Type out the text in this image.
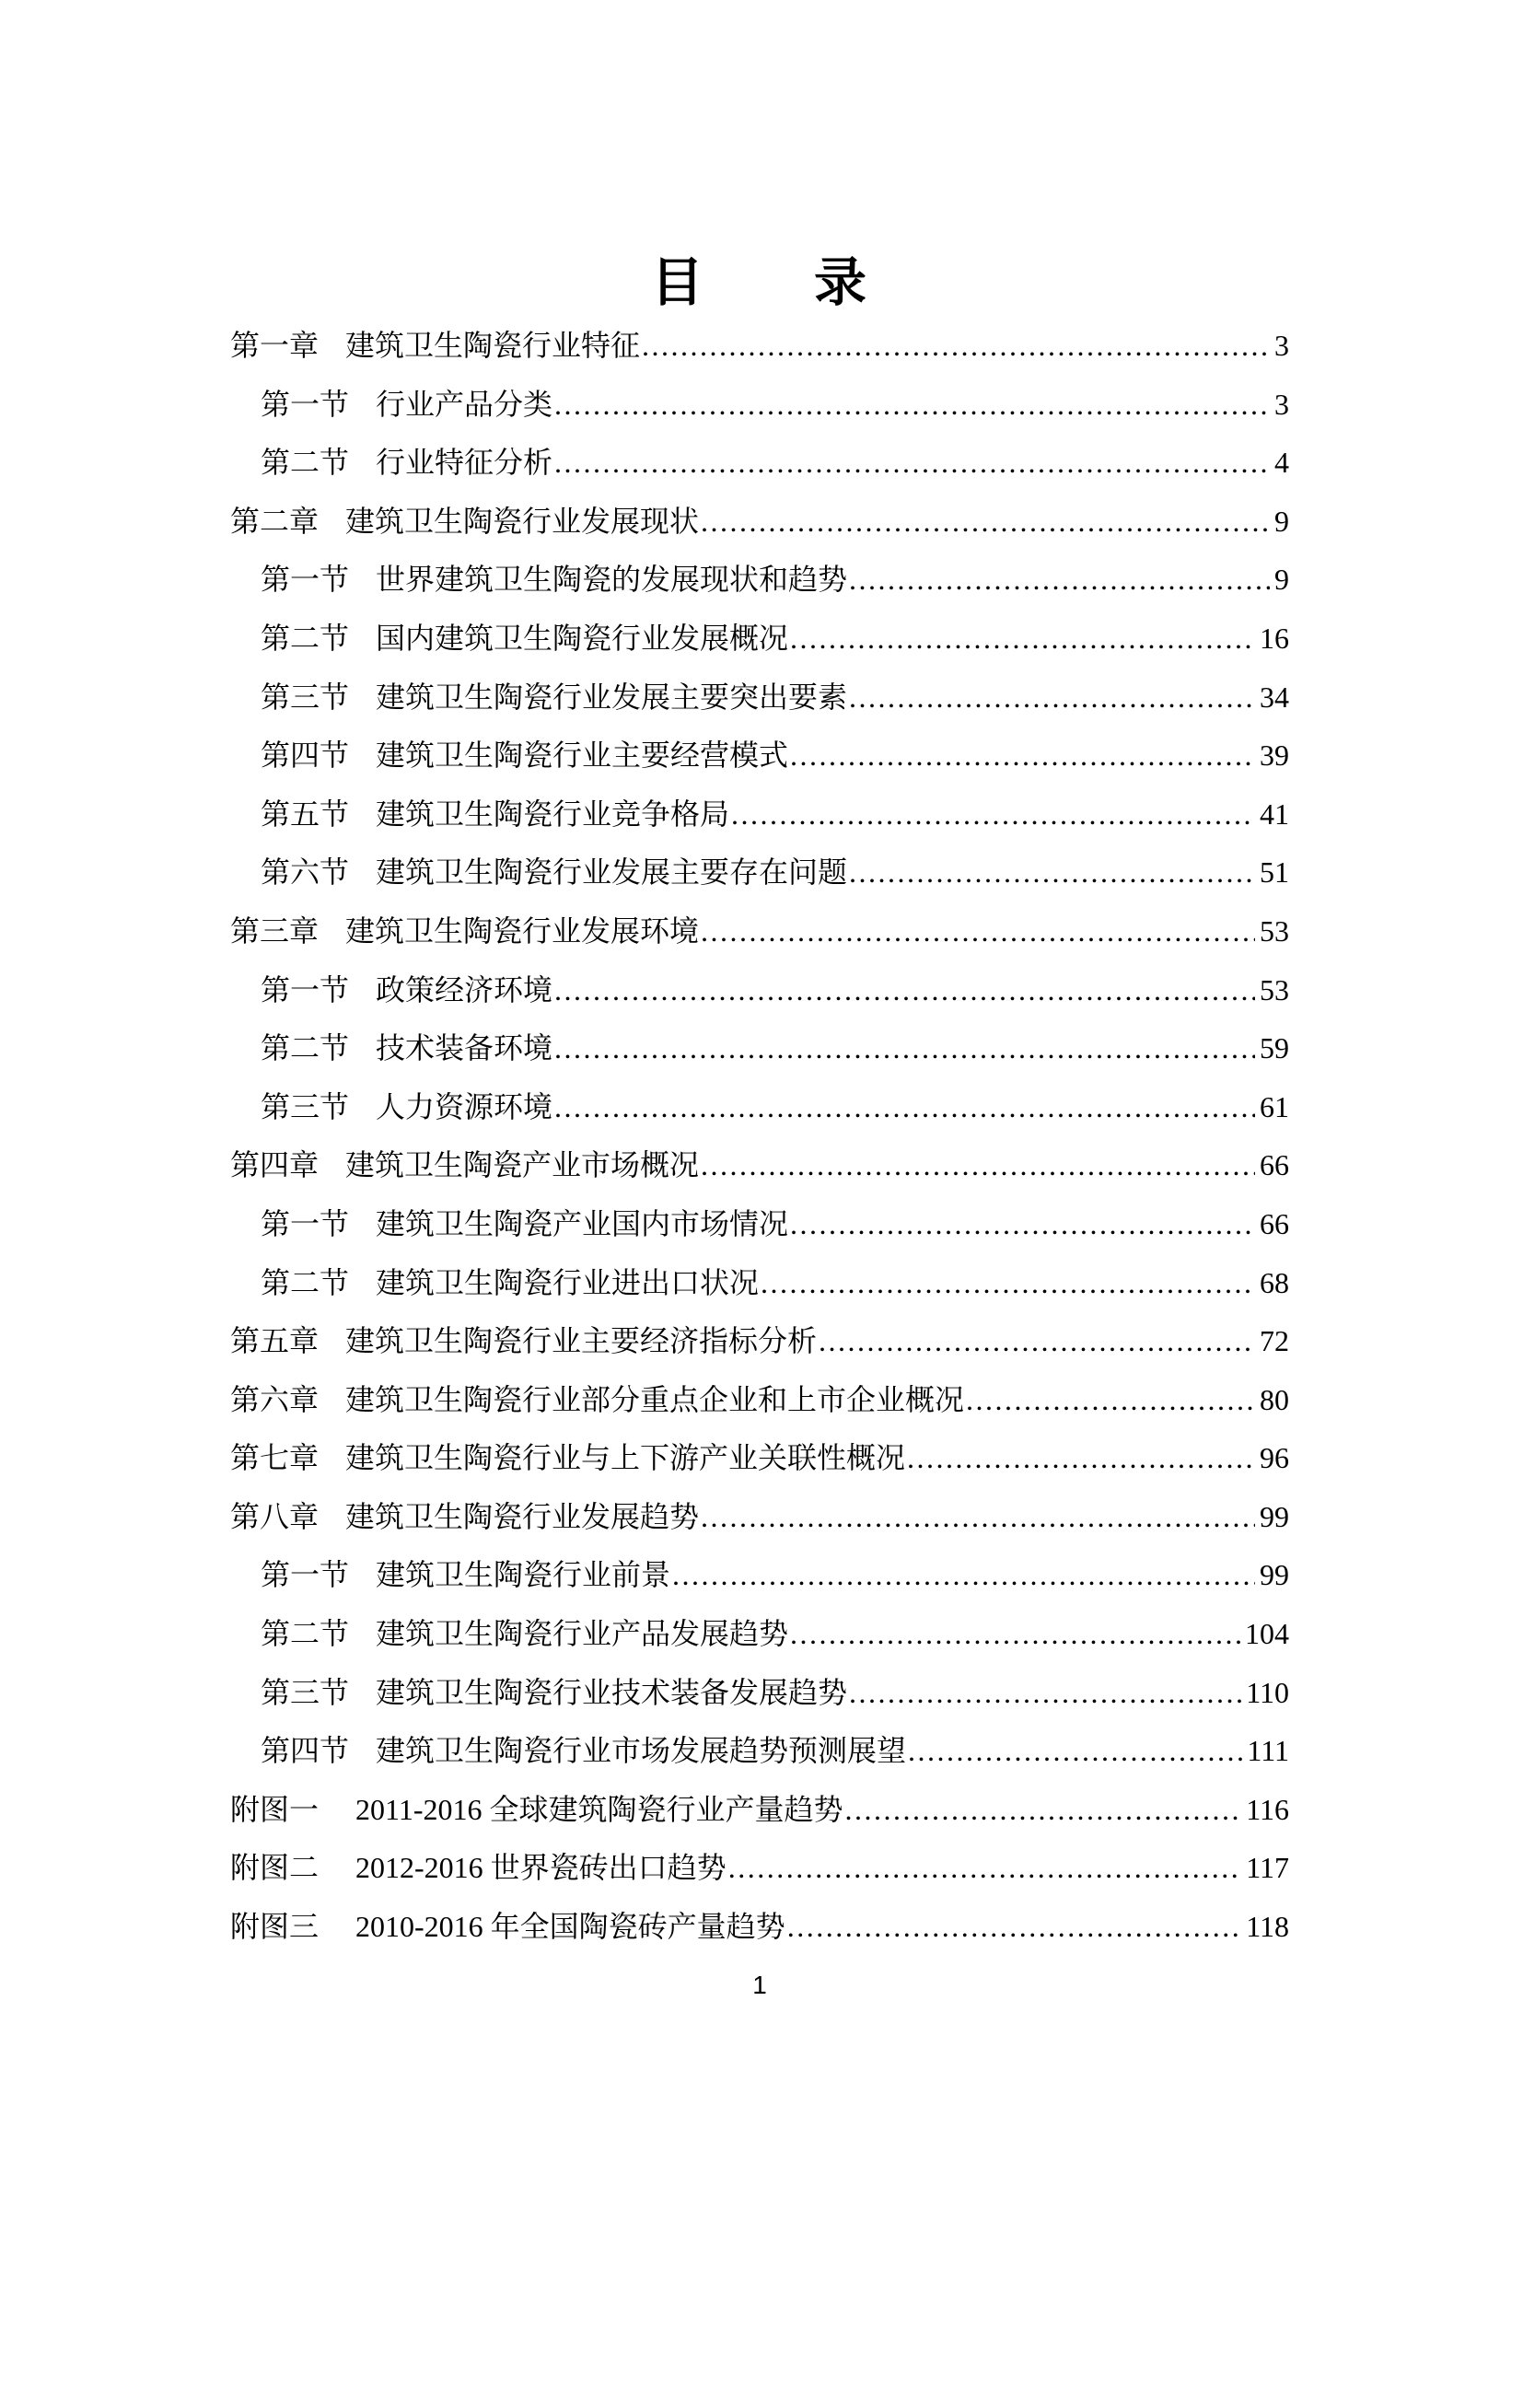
目　　录
第一章 建筑卫生陶瓷行业特征 .....	3
第一节 行业产品分类 .....	3
第二节 行业特征分析 .....	4
第二章 建筑卫生陶瓷行业发展现状 .....	9
第一节 世界建筑卫生陶瓷的发展现状和趋势 .....	9
第二节 国内建筑卫生陶瓷行业发展概况 .....	16
第三节 建筑卫生陶瓷行业发展主要突出要素 .....	34
第四节 建筑卫生陶瓷行业主要经营模式 .....	39
第五节 建筑卫生陶瓷行业竞争格局 .....	41
第六节 建筑卫生陶瓷行业发展主要存在问题 .....	51
第三章 建筑卫生陶瓷行业发展环境 .....	53
第一节 政策经济环境 .....	53
第二节 技术装备环境 .....	59
第三节 人力资源环境 .....	61
第四章 建筑卫生陶瓷产业市场概况 .....	66
第一节 建筑卫生陶瓷产业国内市场情况 .....	66
第二节 建筑卫生陶瓷行业进出口状况 .....	68
第五章 建筑卫生陶瓷行业主要经济指标分析 .....	72
第六章 建筑卫生陶瓷行业部分重点企业和上市企业概况 .....	80
第七章 建筑卫生陶瓷行业与上下游产业关联性概况 .....	96
第八章 建筑卫生陶瓷行业发展趋势 .....	99
第一节 建筑卫生陶瓷行业前景 .....	99
第二节 建筑卫生陶瓷行业产品发展趋势 .....	104
第三节 建筑卫生陶瓷行业技术装备发展趋势 .....	110
第四节 建筑卫生陶瓷行业市场发展趋势预测展望 .....	111
附图一 2011-2016 全球建筑陶瓷行业产量趋势 .....	116
附图二 2012-2016 世界瓷砖出口趋势 .....	117
附图三 2010-2016 年全国陶瓷砖产量趋势 .....	118
1
